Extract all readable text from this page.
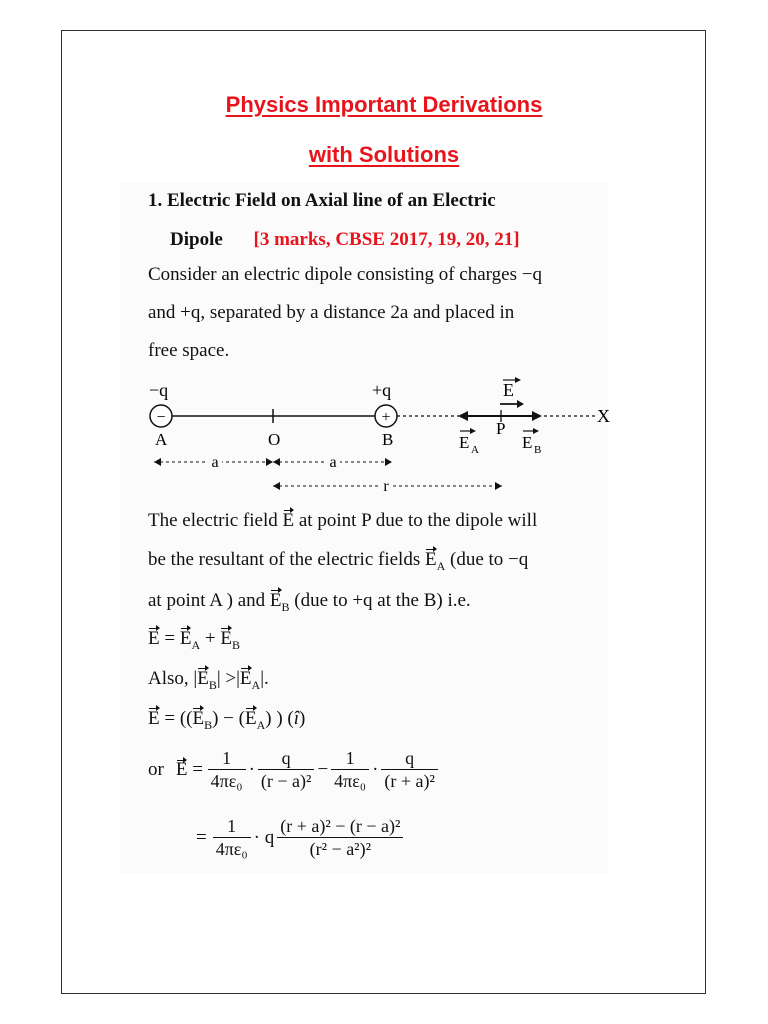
Physics Important Derivations
with Solutions
1. Electric Field on Axial line of an Electric
Dipole [3 marks, CBSE 2017, 19, 20, 21]
Consider an electric dipole consisting of charges −q
and +q, separated by a distance 2a and placed in
free space.
−q	+q
−	+	X
E
A	O	B
P
E A	E B
a	a
r
The electric field E at point P due to the dipole will
be the resultant of the electric fields $E_A$ (due to −q
at point A ) and $E_B$ (due to +q at the B) i.e.
$E = E_A + E_B$
Also, $|E_B| >|E_A|$.
$E = ((E_B) - (E_A)$ ) (î)
or $E = \frac{1}{\text{4πε₀}} \cdot \frac{q}{\text{(r − a)²}} - \frac{1}{\text{4πε₀}} \cdot \frac{q}{\text{(r + a)²}}$
= $\frac{1}{\text{4πε₀}} \cdot q \frac{\text{(r + a)² − (r − a)²}}{\text{(r² − a²)²}}$
